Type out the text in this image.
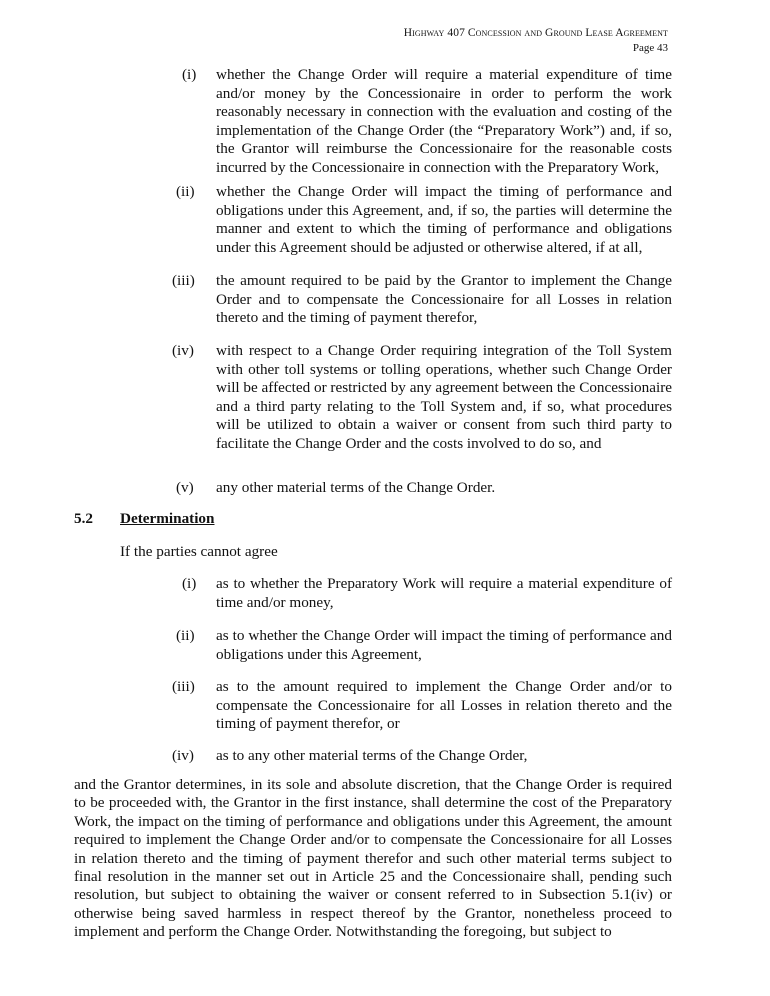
Highway 407 Concession and Ground Lease Agreement
Page 43
(i)	whether the Change Order will require a material expenditure of time and/or money by the Concessionaire in order to perform the work reasonably necessary in connection with the evaluation and costing of the implementation of the Change Order (the “Preparatory Work”) and, if so, the Grantor will reimburse the Concessionaire for the reasonable costs incurred by the Concessionaire in connection with the Preparatory Work,
(ii)	whether the Change Order will impact the timing of performance and obligations under this Agreement, and, if so, the parties will determine the manner and extent to which the timing of performance and obligations under this Agreement should be adjusted or otherwise altered, if at all,
(iii)	the amount required to be paid by the Grantor to implement the Change Order and to compensate the Concessionaire for all Losses in relation thereto and the timing of payment therefor,
(iv)	with respect to a Change Order requiring integration of the Toll System with other toll systems or tolling operations, whether such Change Order will be affected or restricted by any agreement between the Concessionaire and a third party relating to the Toll System and, if so, what procedures will be utilized to obtain a waiver or consent from such third party to facilitate the Change Order and the costs involved to do so, and
(v)	any other material terms of the Change Order.
5.2 Determination
If the parties cannot agree
(i)	as to whether the Preparatory Work will require a material expenditure of time and/or money,
(ii)	as to whether the Change Order will impact the timing of performance and obligations under this Agreement,
(iii)	as to the amount required to implement the Change Order and/or to compensate the Concessionaire for all Losses in relation thereto and the timing of payment therefor, or
(iv)	as to any other material terms of the Change Order,
and the Grantor determines, in its sole and absolute discretion, that the Change Order is required to be proceeded with, the Grantor in the first instance, shall determine the cost of the Preparatory Work, the impact on the timing of performance and obligations under this Agreement, the amount required to implement the Change Order and/or to compensate the Concessionaire for all Losses in relation thereto and the timing of payment therefor and such other material terms subject to final resolution in the manner set out in Article 25 and the Concessionaire shall, pending such resolution, but subject to obtaining the waiver or consent referred to in Subsection 5.1(iv) or otherwise being saved harmless in respect thereof by the Grantor, nonetheless proceed to implement and perform the Change Order. Notwithstanding the foregoing, but subject to
